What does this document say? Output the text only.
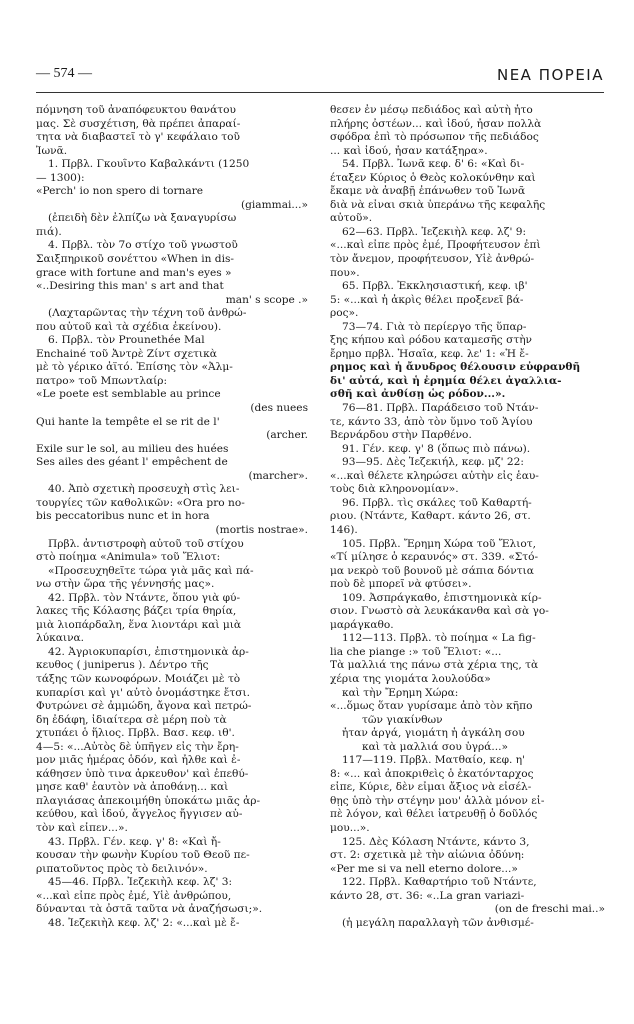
— 574 —	ΝΕΑ ΠΟΡΕΙΑ

πόμνηση τοῦ ἀναπόφευκτου θανάτου

μας. Σὲ συσχέτιση, θὰ πρέπει ἀπαραί-

τητα νὰ διαβαστεῖ τὸ γ' κεφάλαιο τοῦ

Ἰωνᾶ.

1. Πρβλ. Γκουΐντο Καβαλκάντι (1250

— 1300):

«Perch' io non spero di tornare

(giammai...»

(ἐπειδὴ δὲν ἐλπίζω νὰ ξαναγυρίσω

πιά).

4. Πρβλ. τὸν 7ο στίχο τοῦ γνωστοῦ

Σαιξπηρικοῦ σονέττου «When in dis-

grace with fortune and man's eyes »

«..Desiring this man' s art and that

man' s scope .»

(Λαχταρῶντας τὴν τέχνη τοῦ ἀνθρώ-

που αὐτοῦ καὶ τὰ σχέδια ἐκείνου).

6. Πρβλ. τὸν Prounethée Mal

Enchainé τοῦ Ἀντρὲ Ζίντ σχετικὰ

μὲ τὸ γέρικο ἀϊτό. Ἐπίσης τὸν «Ἀλμ-

πατρο» τοῦ Μπωντλαίρ:

«Le poete est semblable au prince

(des nuees

Qui hante la tempête el se rit de l'

(archer.

Exile sur le sol, au milieu des huées

Ses ailes des géant l' empêchent de

(marcher».

40. Ἀπὸ σχετικὴ προσευχὴ στὶς λει-

τουργίες τῶν καθολικῶν: «Ora pro no-

bis peccatoribus nunc et in hora

(mortis nostrae».

Πρβλ. ἀντιστροφὴ αὐτοῦ τοῦ στίχου

στὸ ποίημα «Animula» τοῦ Ἔλιοτ:

«Προσευχηθεῖτε τώρα γιὰ μᾶς καὶ πά-

νω στὴν ὥρα τῆς γέννησής μας».

42. Πρβλ. τὸν Ντάντε, ὅπου γιὰ φύ-

λακες τῆς Κόλασης βάζει τρία θηρία,

μιὰ λιοπάρδαλη, ἕνα λιοντάρι καὶ μιὰ

λύκαινα.

42. Ἀγριοκυπαρίσι, ἐπιστημονικὰ ἀρ-

κευθος ( juniperus ). Δέντρο τῆς

τάξης τῶν κωνοφόρων. Μοιάζει μὲ τὸ

κυπαρίσι καὶ γι' αὐτὸ ὀνομάστηκε ἔτσι.

Φυτρώνει σὲ ἀμμώδη, ἄγονα καὶ πετρώ-

δη ἐδάφη, ἰδιαίτερα σὲ μέρη ποὺ τὰ

χτυπάει ὁ ἥλιος. Πρβλ. Βασ. κεφ. ιθ'.

4—5: «...Αὐτὸς δὲ ὑπῆγεν εἰς τὴν ἔρη-

μον μιᾶς ἡμέρας ὁδόν, καὶ ἦλθε καὶ ἐ-

κάθησεν ὑπὸ τινα ἀρκευθον' καὶ ἐπεθύ-

μησε καθ' ἑαυτὸν νὰ ἀποθάνῃ... καὶ

πλαγιάσας ἀπεκοιμήθη ὑποκάτω μιᾶς ἀρ-

κεύθου, καὶ ἰδού, ἄγγελος ἤγγισεν αὐ-

τὸν καὶ εἶπεν...».

43. Πρβλ. Γέν. κεφ. γ' 8: «Καὶ ἤ-

κουσαν τὴν φωνὴν Κυρίου τοῦ Θεοῦ πε-

ριπατοῦντος πρὸς τὸ δειλινόν».

45—46. Πρβλ. Ἰεζεκιὴλ κεφ. λζ' 3:

«...καὶ εἶπε πρὸς ἐμέ, Υἱὲ ἀνθρώπου,

δύνανται τὰ ὀστᾶ ταῦτα νὰ ἀναζήσωσι;».

48. Ἰεζεκιὴλ κεφ. λζ' 2: «...καὶ μὲ ἔ-

θεσεν ἐν μέσῳ πεδιάδος καὶ αὐτὴ ἦτο

πλήρης ὀστέων... καὶ ἰδού, ἦσαν πολλὰ

σφόδρα ἐπὶ τὸ πρόσωπον τῆς πεδιάδος

... καὶ ἰδού, ἦσαν κατάξηρα».

54. Πρβλ. Ἰωνᾶ κεφ. δ' 6: «Καὶ δι-

έταξεν Κύριος ὁ Θεὸς κολοκύνθην καὶ

ἔκαμε νὰ ἀναβῇ ἐπάνωθεν τοῦ Ἰωνᾶ

διὰ νὰ εἶναι σκιὰ ὑπεράνω τῆς κεφαλῆς

αὐτοῦ».

62—63. Πρβλ. Ἰεζεκιὴλ κεφ. λζ' 9:

«...καὶ εἶπε πρὸς ἐμέ, Προφήτευσον ἐπὶ

τὸν ἄνεμον, προφήτευσον, Υἱὲ ἀνθρώ-

που».

65. Πρβλ. Ἐκκλησιαστική, κεφ. ιβ'

5: «...καὶ ἡ ἀκρὶς θέλει προξενεῖ βά-

ρος».

73—74. Γιὰ τὸ περίεργο τῆς ὕπαρ-

ξης κήπου καὶ ρόδου καταμεσῆς στὴν

ἔρημο πρβλ. Ἠσαΐα, κεφ. λε' 1: «Ἡ ἔ-

ρημος καὶ ἡ ἄνυδρος θέλουσιν εὐφρανθῆ

δι' αὐτά, καὶ ἡ ἐρημία θέλει ἀγαλλια-

σθῆ καὶ ἀνθίσῃ ὡς ρόδον...».

76—81. Πρβλ. Παράδεισο τοῦ Ντάν-

τε, κάντο 33, ἀπὸ τὸν ὕμνο τοῦ Ἁγίου

Βερνάρδου στὴν Παρθένο.

91. Γέν. κεφ. γ' 8 (ὅπως πιὸ πάνω).

93—95. Δὲς Ἰεζεκιήλ, κεφ. μζ' 22:

«...καὶ θέλετε κληρώσει αὐτὴν εἰς ἑαυ-

τοὺς διὰ κληρονομίαν».

96. Πρβλ. τὶς σκάλες τοῦ Καθαρτή-

ριου. (Ντάντε, Καθαρτ. κάντο 26, στ.

146).

105. Πρβλ. Ἔρημη Χώρα τοῦ Ἔλιοτ,

«Τί μίλησε ὁ κεραυνός» στ. 339. «Στό-

μα νεκρὸ τοῦ βουνοῦ μὲ σάπια δόντια

ποὺ δὲ μπορεῖ νὰ φτύσει».

109. Ἀσπράγκαθο, ἐπιστημονικὰ κίρ-

σιον. Γνωστὸ σὰ λευκάκανθα καὶ σὰ γο-

μαράγκαθο.

112—113. Πρβλ. τὸ ποίημα « La fig-

lia che piange :» τοῦ Ἔλιοτ: «...

Τὰ μαλλιά της πάνω στὰ χέρια της, τὰ

χέρια της γιομάτα λουλούδα»

καὶ τὴν Ἔρημη Χώρα:

«...ὅμως ὅταν γυρίσαμε ἀπὸ τὸν κῆπο

τῶν γιακίνθων

ἦταν ἀργά, γιομάτη ἡ ἀγκάλη σου

καὶ τὰ μαλλιά σου ὑγρά...»

117—119. Πρβλ. Ματθαίο, κεφ. η'

8: «... καὶ ἀποκριθεὶς ὁ ἑκατόνταρχος

εἶπε, Κύριε, δὲν εἶμαι ἄξιος νὰ εἰσέλ-

θῃς ὑπὸ τὴν στέγην μου' ἀλλὰ μόνον εἰ-

πὲ λόγον, καὶ θέλει ἰατρευθῇ ὁ δοῦλός

μου...».

125. Δὲς Κόλαση Ντάντε, κάντο 3,

στ. 2: σχετικὰ μὲ τὴν αἰώνια ὀδύνη:

«Per me si va nell eterno dolore...»

122. Πρβλ. Καθαρτήριο τοῦ Ντάντε,

κάντο 28, στ. 36: «..La gran variazi-

(on de freschi mai..»

(ἡ μεγάλη παραλλαγὴ τῶν ἀνθισμέ-
